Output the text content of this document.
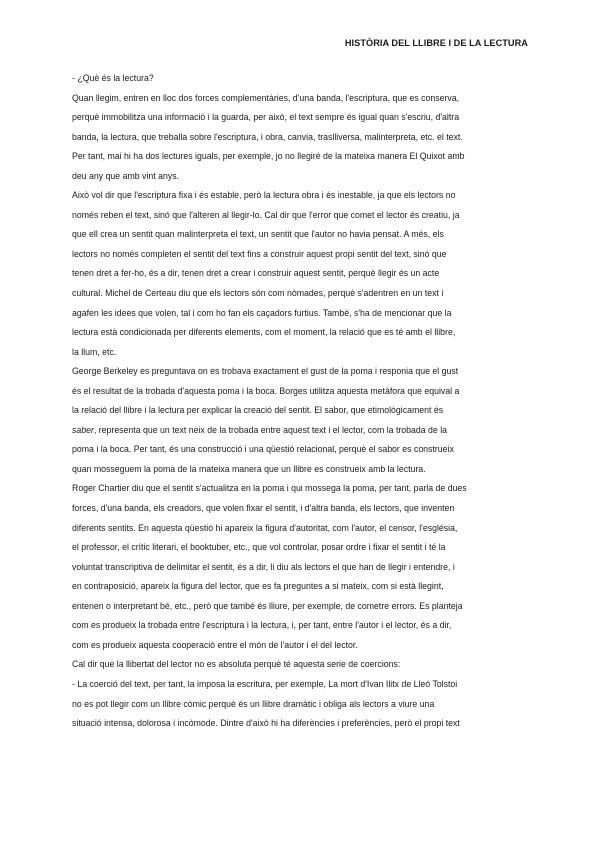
HISTÒRIA DEL LLIBRE I DE LA LECTURA
- ¿Què és la lectura?
Quan llegim, entren en lloc dos forces complementàries, d'una banda, l'escriptura, que es conserva,
perquè immobilitza una informació i la guarda, per això, el text sempre és igual quan s'escriu, d'altra
banda, la lectura, que treballa sobre l'escriptura, i obra, canvia, traslliversa, malinterpreta, etc. el text.
Per tant, mai hi ha dos lectures iguals, per exemple, jo no llegiré de la mateixa manera El Quixot amb
deu any que amb vint anys.
Això vol dir que l'escriptura fixa i és estable, però la lectura obra i és inestable, ja que els lectors no
només reben el text, sinó que l'alteren al llegir-lo. Cal dir que l'error que comet el lector és creatiu, ja
que ell crea un sentit quan malinterpreta el text, un sentit que l'autor no havia pensat. A més, els
lectors no només completen el sentit del text fins a construir aquest propi sentit del text, sinó que
tenen dret a fer-ho, és a dir, tenen dret a crear i construir aquest sentit, perquè llegir és un acte
cultural. Michel de Certeau diu que els lectors són com nòmades, perquè s'adentren en un text i
agafen les idees que volen, tal i com ho fan els caçadors furtius. També, s'ha de mencionar que la
lectura està condicionada per diferents elements, com el moment, la relació que es té amb el llibre,
la llum, etc.
George Berkeley es preguntava on es trobava exactament el gust de la poma i responia que el gust
és el resultat de la trobada d'aquesta poma i la boca. Borges utilitza aquesta metàfora que equival a
la relació del llibre i la lectura per explicar la creació del sentit. El sabor, que etimològicament és
saber, representa que un text neix de la trobada entre aquest text i el lector, com la trobada de la
poma i la boca. Per tant, és una construcció i una qüestió relacional, perquè el sabor es construeix
quan mosseguem la poma de la mateixa manera que un llibre es construeix amb la lectura.
Roger Chartier diu que el sentit s'actualitza en la poma i qui mossega la poma, per tant, parla de dues
forces, d'una banda, els creadors, que volen fixar el sentit, i d'altra banda, els lectors, que inventen
diferents sentits. En aquesta qüestió hi apareix la figura d'autoritat, com l'autor, el censor, l'església,
el professor, el crític literari, el booktuber, etc., que vol controlar, posar ordre i fixar el sentit i té la
voluntat transcriptiva de delimitar el sentit, és a dir, li diu als lectors el que han de llegir i entendre, i
en contraposició, apareix la figura del lector, que es fa preguntes a si mateix, com si està llegint,
entenen o interpretant bé, etc., però que també és lliure, per exemple, de cometre errors. Es planteja
com es produeix la trobada entre l'escriptura i la lectura, i, per tant, entre l'autor i el lector, és a dir,
com es produeix aquesta cooperació entre el món de l'autor i el del lector.
Cal dir que la llibertat del lector no es absoluta perquè té aquesta serie de coercions:
- La coerció del text, per tant, la imposa la escritura, per exemple, La mort d'Ivan Ilitx de Lleó Tolstoi
no es pot llegir com un llibre còmic perquè és un llibre dramàtic i obliga als lectors a viure una
situació intensa, dolorosa i incòmode. Dintre d'això hi ha diferències i preferències, però el propi text
